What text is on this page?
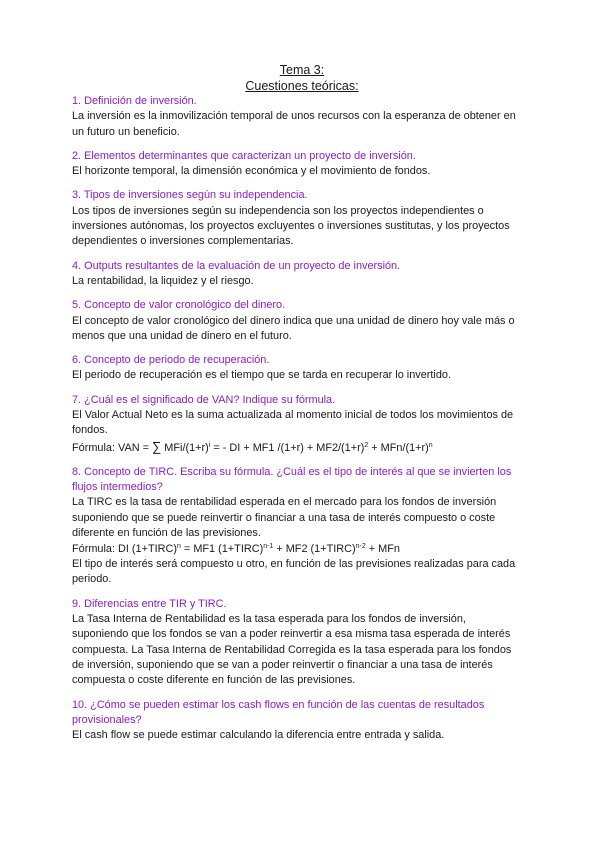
Tema 3:
Cuestiones teóricas:
1. Definición de inversión.
La inversión es la inmovilización temporal de unos recursos con la esperanza de obtener en
un futuro un beneficio.
2. Elementos determinantes que caracterizan un proyecto de inversión.
El horizonte temporal, la dimensión económica y el movimiento de fondos.
3. Tipos de inversiones según su independencia.
Los tipos de inversiones según su independencia son los proyectos independientes o
inversiones autónomas, los proyectos excluyentes o inversiones sustitutas, y los proyectos
dependientes o inversiones complementarias.
4. Outputs resultantes de la evaluación de un proyecto de inversión.
La rentabilidad, la liquidez y el riesgo.
5. Concepto de valor cronológico del dinero.
El concepto de valor cronológico del dinero indica que una unidad de dinero hoy vale más o
menos que una unidad de dinero en el futuro.
6. Concepto de periodo de recuperación.
El periodo de recuperación es el tiempo que se tarda en recuperar lo invertido.
7. ¿Cuál es el significado de VAN? Indique su fórmula.
El Valor Actual Neto es la suma actualizada al momento inicial de todos los movimientos de
fondos.
Fórmula: VAN = ∑ MFi/$(1+r)^i$ = - DI + MF1 $/(1+r) + MF2/(1+r)^2 + MFn/(1+r)^n$
8. Concepto de TIRC. Escriba su fórmula. ¿Cuál es el tipo de interés al que se invierten los
flujos intermedios?
La TIRC es la tasa de rentabilidad esperada en el mercado para los fondos de inversión
suponiendo que se puede reinvertir o financiar a una tasa de interés compuesto o coste
diferente en función de las previsiones.
Fórmula: DI (1+TIRC)$^n$ = MF1 (1+TIRC)$^{n-1}$ + MF2 (1+TIRC)$^{n-2}$ + MFn
El tipo de interés será compuesto u otro, en función de las previsiones realizadas para cada
periodo.
9. Diferencias entre TIR y TIRC.
La Tasa Interna de Rentabilidad es la tasa esperada para los fondos de inversión,
suponiendo que los fondos se van a poder reinvertir a esa misma tasa esperada de interés
compuesta. La Tasa Interna de Rentabilidad Corregida es la tasa esperada para los fondos
de inversión, suponiendo que se van a poder reinvertir o financiar a una tasa de interés
compuesta o coste diferente en función de las previsiones.
10. ¿Cómo se pueden estimar los cash flows en función de las cuentas de resultados
provisionales?
El cash flow se puede estimar calculando la diferencia entre entrada y salida.
